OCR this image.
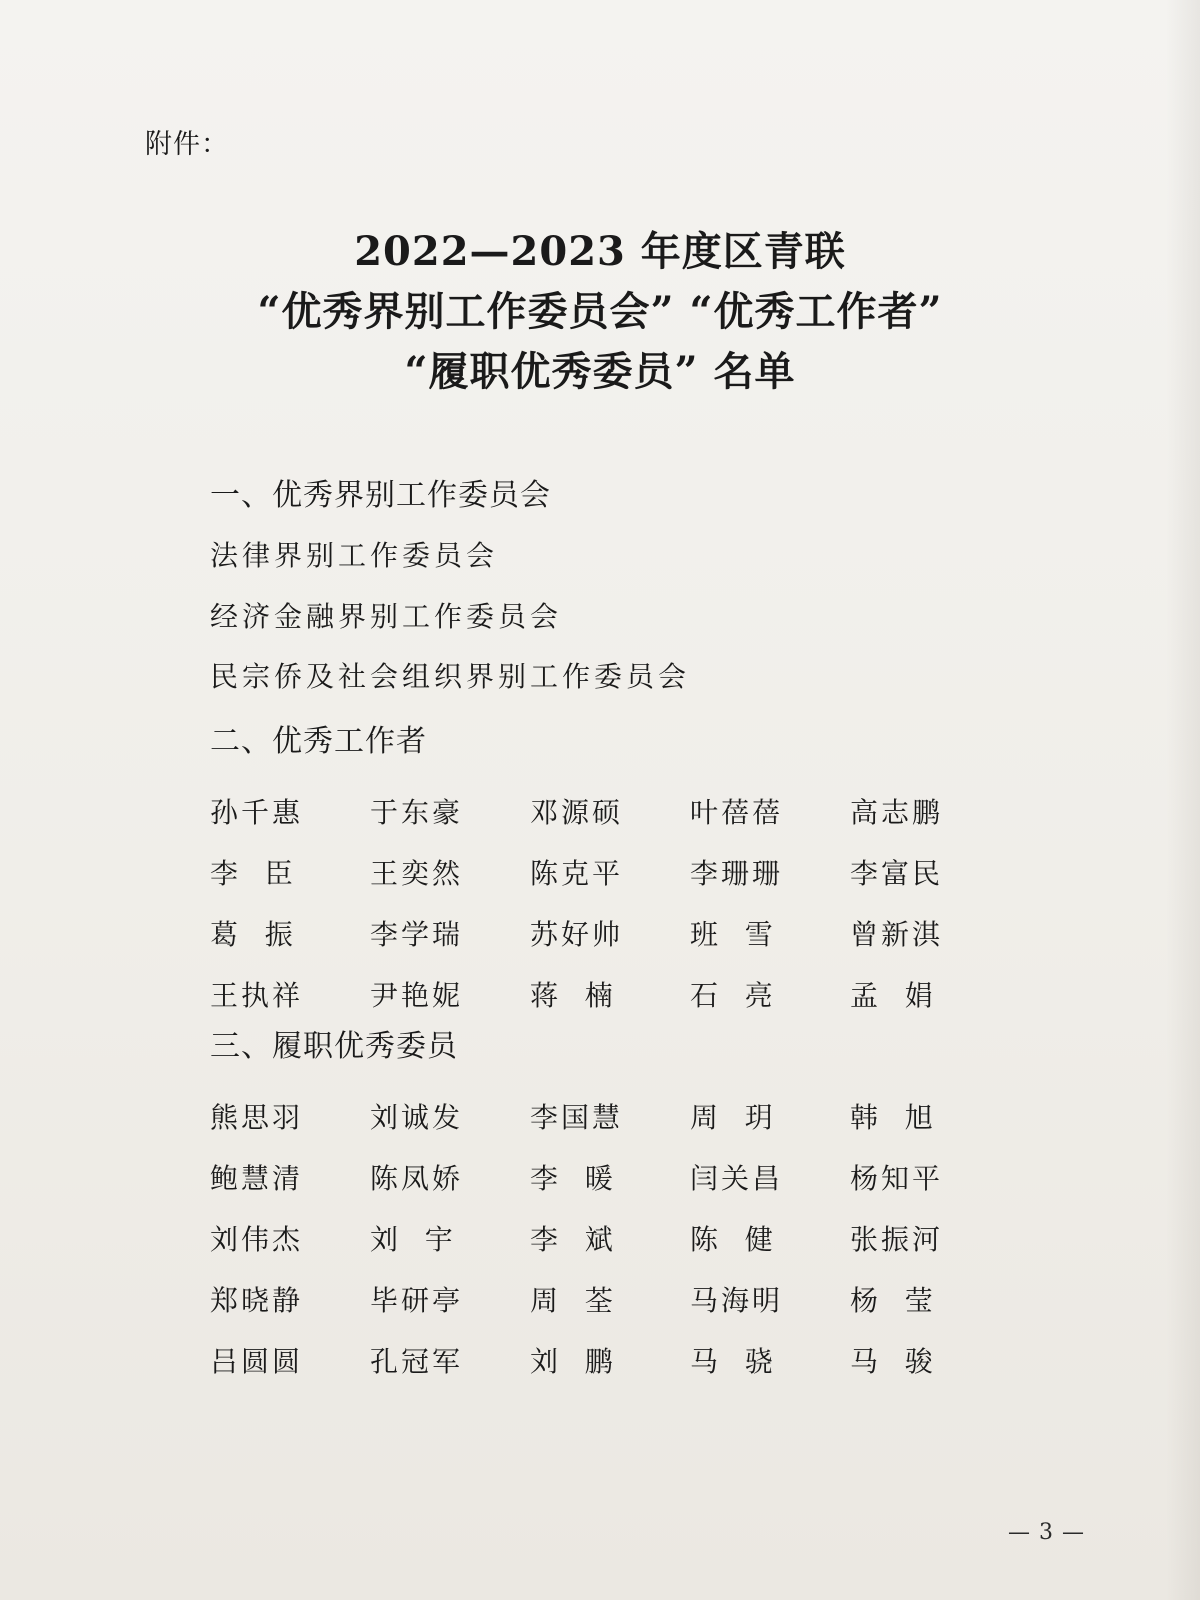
附件：
2022—2023 年度区青联
“优秀界别工作委员会” “优秀工作者”
“履职优秀委员” 名单
一、优秀界别工作委员会
法律界别工作委员会
经济金融界别工作委员会
民宗侨及社会组织界别工作委员会
二、优秀工作者
孙千惠	于东豪	邓源硕	叶蓓蓓	高志鹏
李  臣	王奕然	陈克平	李珊珊	李富民
葛  振	李学瑞	苏好帅	班  雪	曾新淇
王执祥	尹艳妮	蒋  楠	石  亮	孟  娟
三、履职优秀委员
熊思羽	刘诚发	李国慧	周  玥	韩  旭
鲍慧清	陈凤娇	李  暖	闫关昌	杨知平
刘伟杰	刘  宇	李  斌	陈  健	张振河
郑晓静	毕研亭	周  荃	马海明	杨  莹
吕圆圆	孔冠军	刘  鹏	马  骁	马  骏
— 3 —
